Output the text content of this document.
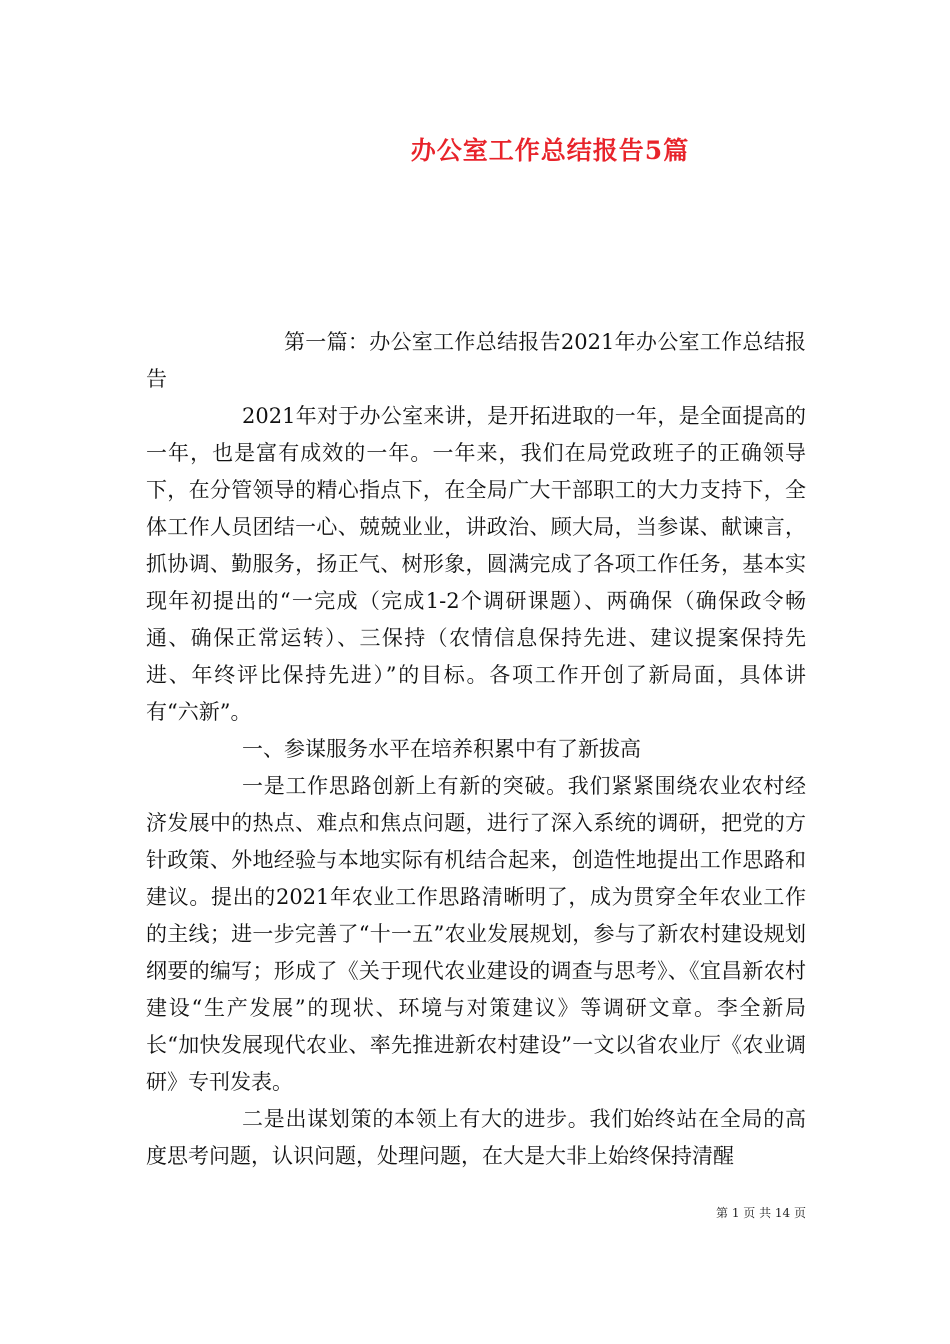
办公室工作总结报告5篇

第一篇：办公室工作总结报告2021年办公室工作总结报告

2021年对于办公室来讲，是开拓进取的一年，是全面提高的一年，也是富有成效的一年。一年来，我们在局党政班子的正确领导下，在分管领导的精心指点下，在全局广大干部职工的大力支持下，全体工作人员团结一心、兢兢业业，讲政治、顾大局，当参谋、献谏言，抓协调、勤服务，扬正气、树形象，圆满完成了各项工作任务，基本实现年初提出的“一完成（完成1-2个调研课题）、两确保（确保政令畅通、确保正常运转）、三保持（农情信息保持先进、建议提案保持先进、年终评比保持先进）”的目标。各项工作开创了新局面，具体讲有“六新”。

一、参谋服务水平在培养积累中有了新拔高

一是工作思路创新上有新的突破。我们紧紧围绕农业农村经济发展中的热点、难点和焦点问题，进行了深入系统的调研，把党的方针政策、外地经验与本地实际有机结合起来，创造性地提出工作思路和建议。提出的2021年农业工作思路清晰明了，成为贯穿全年农业工作的主线；进一步完善了“十一五”农业发展规划，参与了新农村建设规划纲要的编写；形成了《关于现代农业建设的调查与思考》、《宜昌新农村建设“生产发展”的现状、环境与对策建议》等调研文章。李全新局长“加快发展现代农业、率先推进新农村建设”一文以省农业厅《农业调研》专刊发表。

二是出谋划策的本领上有大的进步。我们始终站在全局的高度思考问题，认识问题，处理问题，在大是大非上始终保持清醒

第 1 页 共 14 页
